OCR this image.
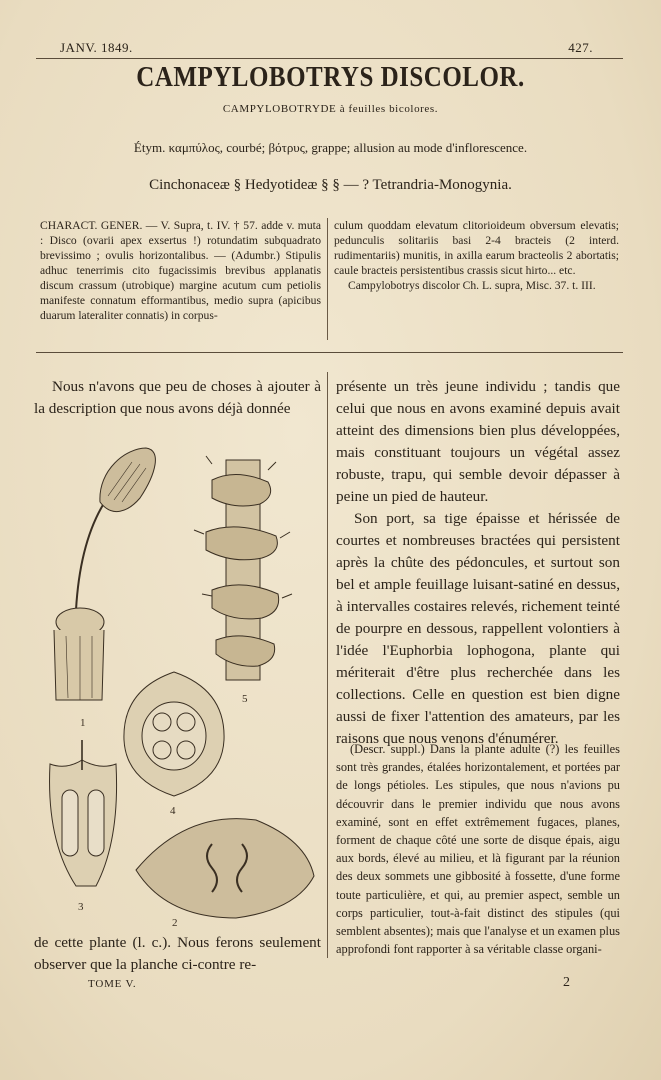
JANV. 1849.	427.
CAMPYLOBOTRYS DISCOLOR.
CAMPYLOBOTRYDE à feuilles bicolores.
Étym. καμπύλος, courbé; βότρυς, grappe; allusion au mode d'inflorescence.
Cinchonaceæ § Hedyotideæ § § — ? Tetrandria-Monogynia.
CHARACT. GENER. — V. Supra, t. IV. † 57. adde v. muta : Disco (ovarii apex exsertus !) rotundatim subquadrato brevissimo ; ovulis horizontalibus. — (Adumbr.) Stipulis adhuc tenerrimis cito fugacissimis brevibus applanatis discum crassum (utrobique) margine acutum cum petiolis manifeste connatum efformantibus, medio supra (apicibus duarum lateraliter connatis) in corpus-
culum quoddam elevatum clitorioideum obversum elevatis; pedunculis solitariis basi 2-4 bracteis (2 interd. rudimentariis) munitis, in axilla earum bracteolis 2 abortatis; caule bracteis persistentibus crassis sicut hirto... etc.
Campylobotrys discolor Ch. L. supra, Misc. 37. t. III.
Nous n'avons que peu de choses à ajouter à la description que nous avons déjà donnée
1
5
4
3
2
de cette plante (l. c.). Nous ferons seulement observer que la planche ci-contre re-
présente un très jeune individu ; tandis que celui que nous en avons examiné depuis avait atteint des dimensions bien plus développées, mais constituant toujours un végétal assez robuste, trapu, qui semble devoir dépasser à peine un pied de hauteur.
Son port, sa tige épaisse et hérissée de courtes et nombreuses bractées qui persistent après la chûte des pédoncules, et surtout son bel et ample feuillage luisant-satiné en dessus, à intervalles costaires relevés, richement teinté de pourpre en dessous, rappellent volontiers à l'idée l'Euphorbia lophogona, plante qui mériterait d'être plus recherchée dans les collections. Celle en question est bien digne aussi de fixer l'attention des amateurs, par les raisons que nous venons d'énumérer.
(Descr. suppl.) Dans la plante adulte (?) les feuilles sont très grandes, étalées horizontalement, et portées par de longs pétioles. Les stipules, que nous n'avions pu découvrir dans le premier individu que nous avons examiné, sont en effet extrêmement fugaces, planes, forment de chaque côté une sorte de disque épais, aigu aux bords, élevé au milieu, et là figurant par la réunion des deux sommets une gibbosité à fossette, d'une forme toute particulière, et qui, au premier aspect, semble un corps particulier, tout-à-fait distinct des stipules (qui semblent absentes); mais que l'analyse et un examen plus approfondi font rapporter à sa véritable classe organi-
TOME V.	2
